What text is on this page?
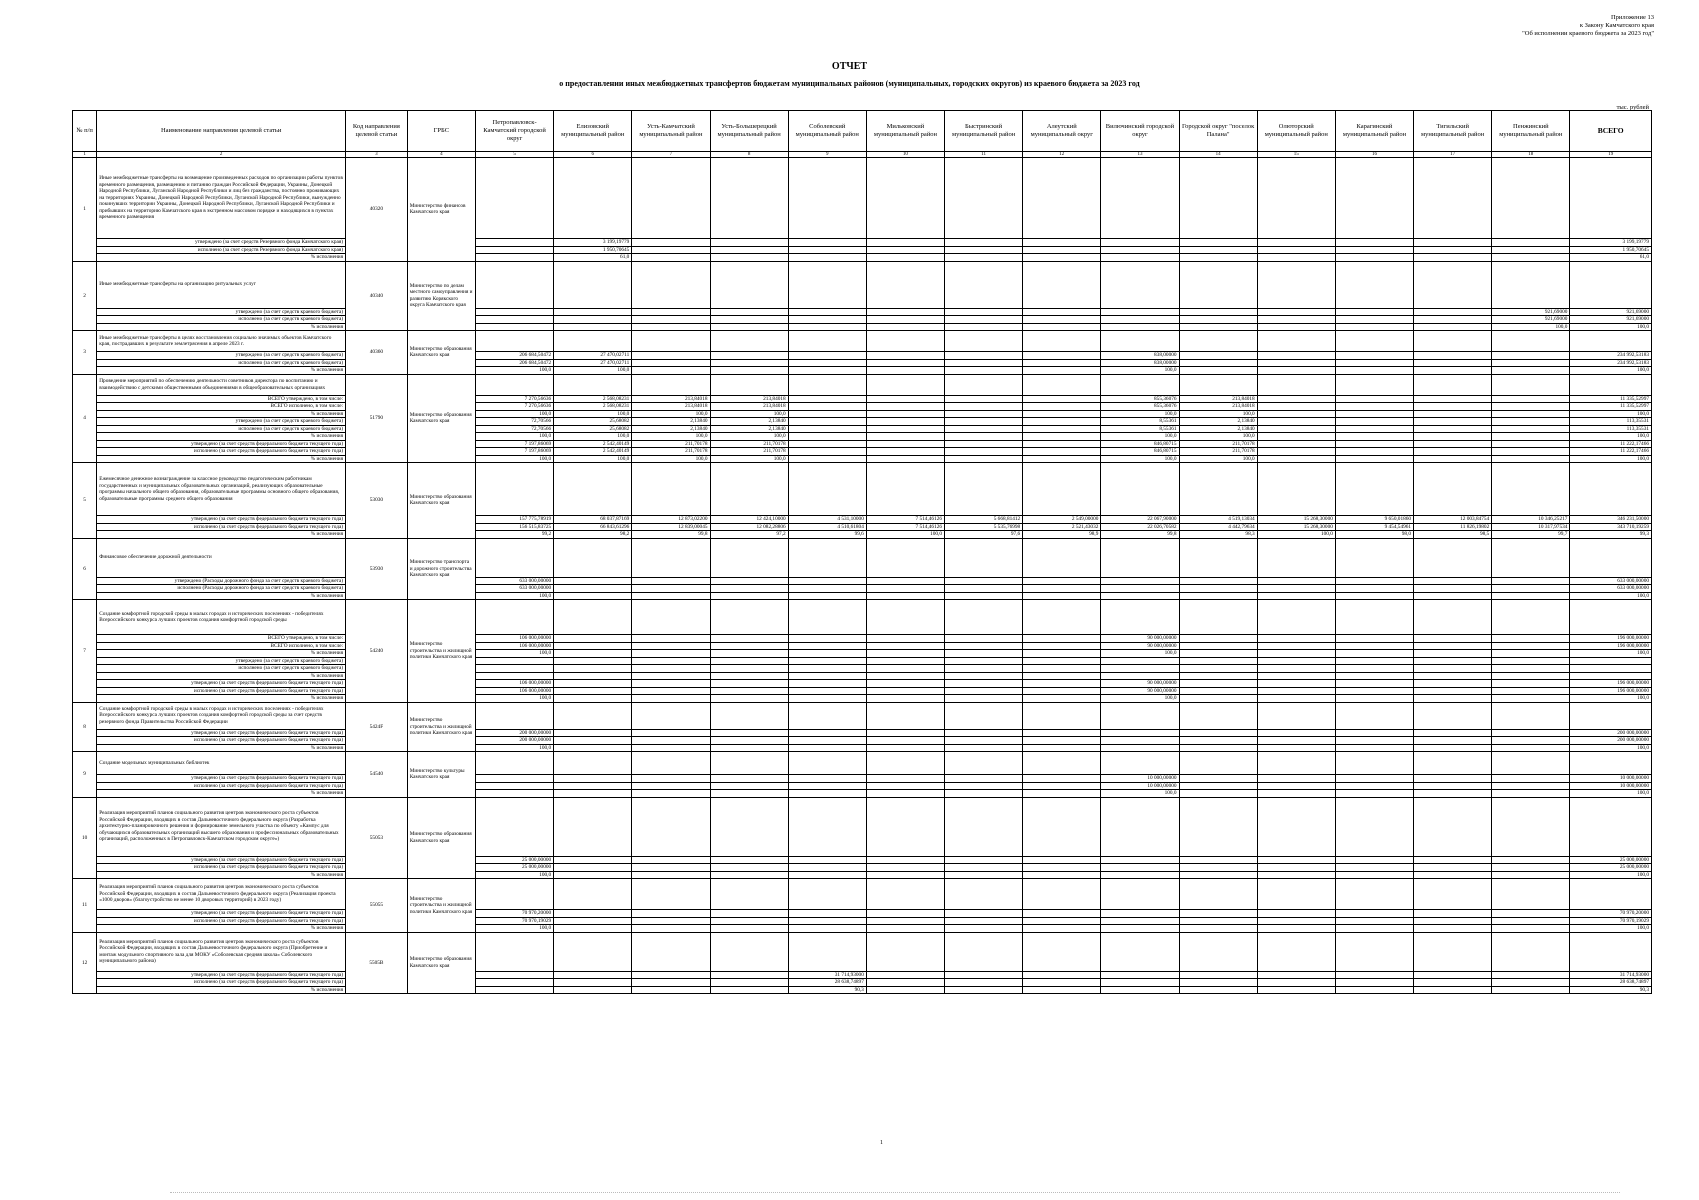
Приложение 13
к Закону Камчатского края
"Об исполнении краевого бюджета за 2023 год"
ОТЧЕТ
о предоставлении иных межбюджетных трансфертов бюджетам муниципальных районов (муниципальных, городских округов) из краевого бюджета за 2023 год
тыс. рублей
№ п/п	Наименование направления целевой статьи	Код направления целевой статьи	ГРБС	Петропавловск-Камчатский городской округ	Елизовский муниципальный район	Усть-Камчатский муниципальный район	Усть-Большерецкий муниципальный район	Соболевский муниципальный район	Мильковский муниципальный район	Быстринский муниципальный район	Алеутский муниципальный округ	Вилючинский городской округ	Городской округ "поселок Палана"	Олюторский муниципальный район	Карагинский муниципальный район	Тигильский муниципальный район	Пенжинский муниципальный район	ВСЕГО
1	2	3	4	5	6	7	8	9	10	11	12	13	14	15	16	17	18	19
1	Иные межбюджетные трансферты на возмещение произведенных расходов по организации работы пунктов временного размещения, размещению и питанию граждан Российской Федерации, Украины, Донецкой Народной Республики, Луганской Народной Республики и лиц без гражданства, постоянно проживающих на территориях Украины, Донецкой Народной Республики, Луганской Народной Республики, вынужденно покинувших территории Украины, Донецкой Народной Республики, Луганской Народной Республики и прибывших на территорию Камчатского края в экстренном массовом порядке и находящихся в пунктах временного размещения	40320	Министерство финансов Камчатского края															
	утверждено (за счет средств Резервного фонда Камчатского края)				3 199,19779													3 199,19779
	исполнено (за счет средств Резервного фонда Камчатского края)				1 950,70645													1 950,70645
	% исполнения				61,0													61,0
2	Иные межбюджетные трансферты на организацию ритуальных услуг	40340	Министерство по делам местного самоуправления и развитию Корякского округа Камчатского края															
	утверждено (за счет средств краевого бюджета)																921,69000	921,69000
	исполнено (за счет средств краевого бюджета)																921,69000	921,69000
	% исполнения																100,0	100,0
3	Иные межбюджетные трансферты в целях восстановления социально значимых объектов Камчатского края, пострадавших в результате землетрясения в апреле 2023 г.	40360	Министерство образования Камчатского края															
	утверждено (за счет средств краевого бюджета)			206 684,50472	27 470,02711							838,00000						234 992,53183
	исполнено (за счет средств краевого бюджета)			206 684,50472	27 470,02711							838,00000						234 992,53183
	% исполнения			100,0	100,0							100,0						100,0
4	Проведение мероприятий по обеспечению деятельности советников директора по воспитанию и взаимодействию с детскими общественными объединениями в общеобразовательных организациях	51790	Министерство образования Камчатского края															
	ВСЕГО утверждено, в том числе:			7 270,56636	2 568,08231	213,84018	213,84018					855,36076	213,84018					11 335,52997
	ВСЕГО исполнено, в том числе:			7 270,56636	2 568,08231	213,84018	213,84018					855,36076	213,84018					11 335,52997
	% исполнения			100,0	100,0	100,0	100,0					100,0	100,0					100,0
	утверждено (за счет средств краевого бюджета)			72,70566	25,68082	2,13840	2,13840					8,55361	2,13840					113,35531
	исполнено (за счет средств краевого бюджета)			72,70566	25,68082	2,13840	2,13840					8,55361	2,13840					113,35531
	% исполнения			100,0	100,0	100,0	100,0					100,0	100,0					100,0
	утверждено (за счет средств федерального бюджета текущего года)			7 197,86069	2 542,40149	211,70178	211,70178					846,80715	211,70178					11 222,17466
	исполнено (за счет средств федерального бюджета текущего года)			7 197,86069	2 542,40149	211,70178	211,70178					846,80715	211,70178					11 222,17466
	% исполнения			100,0	100,0	100,0	100,0					100,0	100,0					100,0
5	Ежемесячное денежное вознаграждение за классное руководство педагогическим работникам государственных и муниципальных образовательных организаций, реализующих образовательные программы начального общего образования, образовательные программы основного общего образования, образовательные программы среднего общего образования	53030	Министерство образования Камчатского края															
	утверждено (за счет средств федерального бюджета текущего года)			157 775,78919	68 037,87169	12 873,02200	12 424,10000	4 531,10000	7 514,46126	5 668,81412	2 549,00000	22 067,90000	4 519,13034	15 268,30000	9 650,01860	12 003,84754	10 346,25217	346 231,50000
	исполнено (за счет средств федерального бюджета текущего года)			156 515,83725	66 843,61296	12 839,00045	12 082,28806	4 510,61804	7 514,46126	5 535,76998	2 521,43032	22 026,70582	4 442,79634	15 268,30000	9 454,54961	11 826,19802	10 317,97534	343 710,19259
	% исполнения			99,2	98,2	99,8	97,2	99,6	100,0	97,6	98,9	99,8	98,3	100,0	98,0	98,5	99,7	99,3
6	Финансовое обеспечение дорожной деятельности	53930	Министерство транспорта и дорожного строительства Камчатского края															
	утверждено (Расходы дорожного фонда за счет средств краевого бюджета)			633 000,00000														633 000,00000
	исполнено (Расходы дорожного фонда за счет средств краевого бюджета)			633 000,00000														633 000,00000
	% исполнения			100,0														100,0
7	Создание комфортной городской среды в малых городах и исторических поселениях - победителях Всероссийского конкурса лучших проектов создания комфортной городской среды	54240	Министерство строительства и жилищной политики Камчатского края															
	ВСЕГО утверждено, в том числе:			106 000,00000								90 000,00000						196 000,00000
	ВСЕГО исполнено, в том числе:			106 000,00000								90 000,00000						196 000,00000
	% исполнения			100,0								100,0						100,0
	утверждено (за счет средств краевого бюджета)																	
	исполнено (за счет средств краевого бюджета)																	
	% исполнения																	
	утверждено (за счет средств федерального бюджета текущего года)			106 000,00000								90 000,00000						196 000,00000
	исполнено (за счет средств федерального бюджета текущего года)			106 000,00000								90 000,00000						196 000,00000
	% исполнения			100,0								100,0						100,0
8	Создание комфортной городской среды в малых городах и исторических поселениях - победителях Всероссийского конкурса лучших проектов создания комфортной городской среды за счет средств резервного фонда Правительства Российской Федерации	5424F	Министерство строительства и жилищной политики Камчатского края															
	утверждено (за счет средств федерального бюджета текущего года)			200 000,00000														200 000,00000
	исполнено (за счет средств федерального бюджета текущего года)			200 000,00000														200 000,00000
	% исполнения			100,0														100,0
9	Создание модельных муниципальных библиотек	54540	Министерство культуры Камчатского края															
	утверждено (за счет средств федерального бюджета текущего года)											10 000,00000						10 000,00000
	исполнено (за счет средств федерального бюджета текущего года)											10 000,00000						10 000,00000
	% исполнения											100,0						100,0
10	Реализация мероприятий планов социального развития центров экономического роста субъектов Российской Федерации, входящих в состав Дальневосточного федерального округа (Разработка архитектурно-планировочного решения и формирование земельного участка по объекту «Кампус для обучающихся образовательных организаций высшего образования и профессиональных образовательных организаций, расположенных в Петропавловск-Камчатском городском округе»)	55053	Министерство образования Камчатского края															
	утверждено (за счет средств федерального бюджета текущего года)			25 000,00000														25 000,00000
	исполнено (за счет средств федерального бюджета текущего года)			25 000,00000														25 000,00000
	% исполнения			100,0														100,0
11	Реализация мероприятий планов социального развития центров экономического роста субъектов Российской Федерации, входящих в состав Дальневосточного федерального округа (Реализация проекта «1000 дворов» (благоустройство не менее 10 дворовых территорий) в 2023 году)	55055	Министерство строительства и жилищной политики Камчатского края															
	утверждено (за счет средств федерального бюджета текущего года)			70 970,20000														70 970,20000
	исполнено (за счет средств федерального бюджета текущего года)			70 970,19029														70 970,19029
	% исполнения			100,0														100,0
12	Реализация мероприятий планов социального развития центров экономического роста субъектов Российской Федерации, входящих в состав Дальневосточного федерального округа (Приобретение и монтаж модульного спортивного зала для МОКУ «Соболевская средняя школа» Соболевского муниципального района)	5505B	Министерство образования Камчатского края															
	утверждено (за счет средств федерального бюджета текущего года)							31 714,93000										31 714,93000
	исполнено (за счет средств федерального бюджета текущего года)							28 638,74897										28 638,74897
	% исполнения							90,3										90,3
1
